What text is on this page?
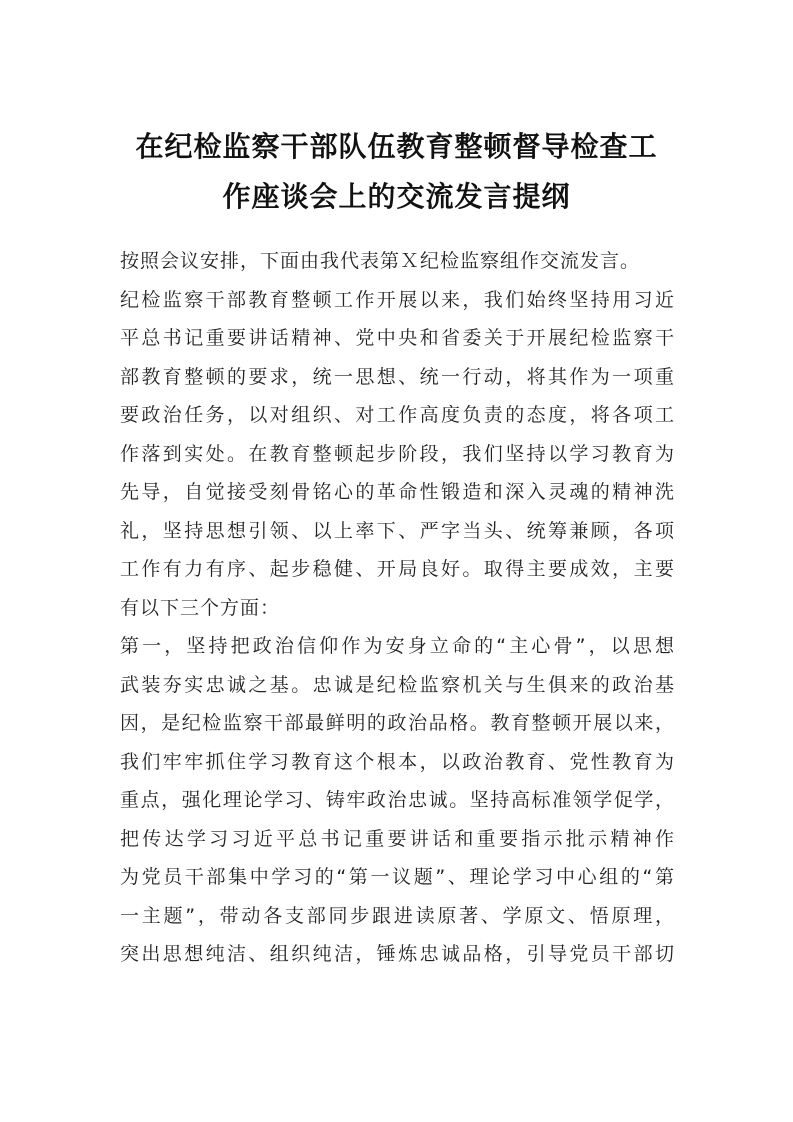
在纪检监察干部队伍教育整顿督导检查工
作座谈会上的交流发言提纲
按照会议安排，下面由我代表第Ｘ纪检监察组作交流发言。
纪检监察干部教育整顿工作开展以来，我们始终坚持用习近
平总书记重要讲话精神、党中央和省委关于开展纪检监察干
部教育整顿的要求，统一思想、统一行动，将其作为一项重
要政治任务，以对组织、对工作高度负责的态度，将各项工
作落到实处。在教育整顿起步阶段，我们坚持以学习教育为
先导，自觉接受刻骨铭心的革命性锻造和深入灵魂的精神洗
礼，坚持思想引领、以上率下、严字当头、统筹兼顾，各项
工作有力有序、起步稳健、开局良好。取得主要成效，主要
有以下三个方面：
第一，坚持把政治信仰作为安身立命的“主心骨”，以思想
武装夯实忠诚之基。忠诚是纪检监察机关与生俱来的政治基
因，是纪检监察干部最鲜明的政治品格。教育整顿开展以来，
我们牢牢抓住学习教育这个根本，以政治教育、党性教育为
重点，强化理论学习、铸牢政治忠诚。坚持高标准领学促学，
把传达学习习近平总书记重要讲话和重要指示批示精神作
为党员干部集中学习的“第一议题”、理论学习中心组的“第
一主题”，带动各支部同步跟进读原著、学原文、悟原理，
突出思想纯洁、组织纯洁，锤炼忠诚品格，引导党员干部切
